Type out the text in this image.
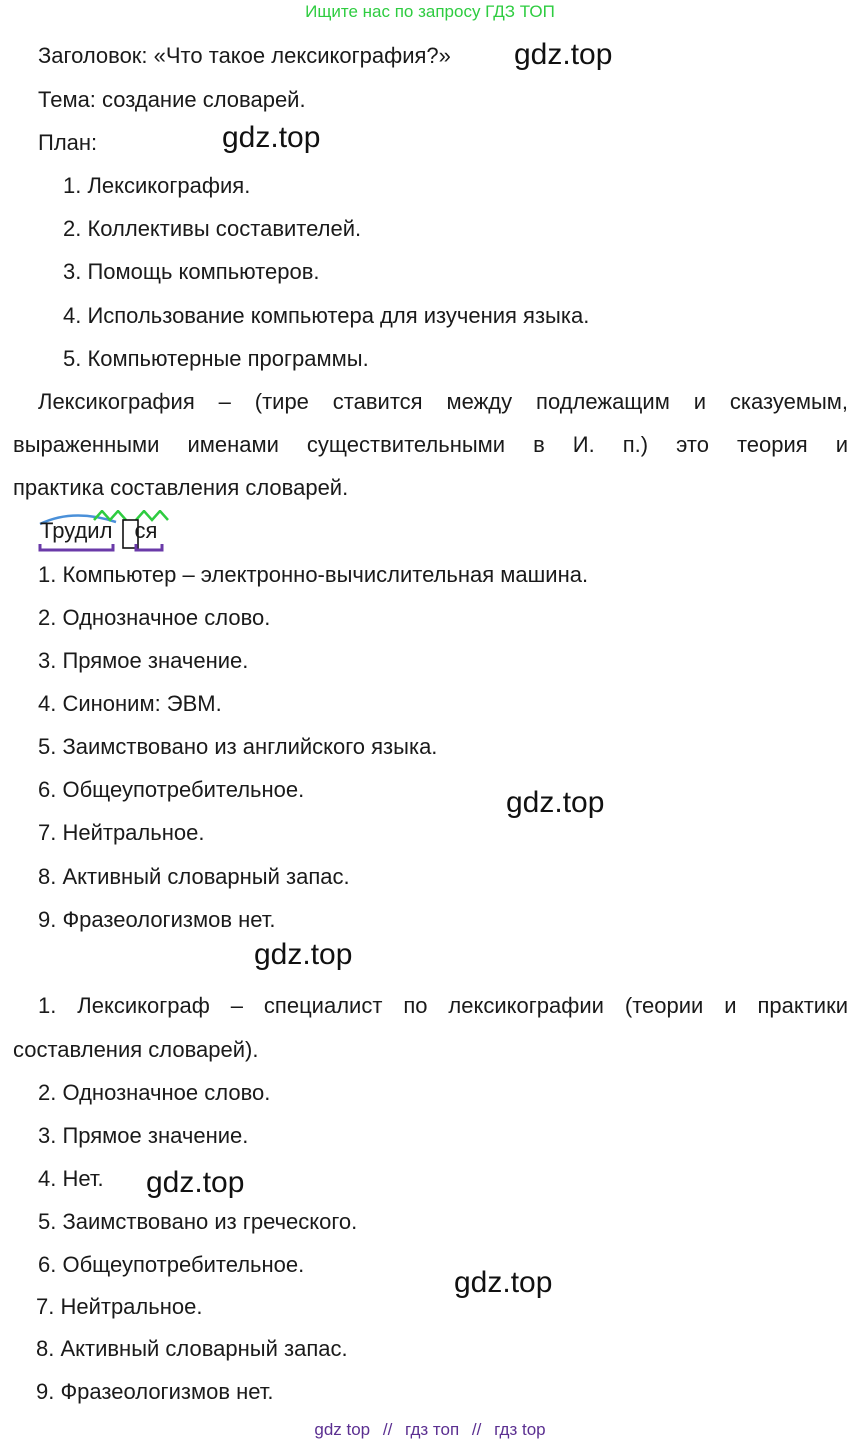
Ищите нас по запросу ГДЗ ТОП
Заголовок: «Что такое лексикография?» gdz.top
Тема: создание словарей.
План:	gdz.top
1. Лексикография.
2. Коллективы составителей.
3. Помощь компьютеров.
4. Использование компьютера для изучения языка.
5. Компьютерные программы.
Лексикография – (тире ставится между подлежащим и сказуемым,
выраженными именами существительными в И. п.) это теория и
практика составления словарей.
Трудил ся
1. Компьютер – электронно-вычислительная машина.
2. Однозначное слово.
3. Прямое значение.
4. Синоним: ЭВМ.
5. Заимствовано из английского языка.
6. Общеупотребительное.	gdz.top
7. Нейтральное.
8. Активный словарный запас.
9. Фразеологизмов нет.
gdz.top
1. Лексикограф – специалист по лексикографии (теории и практики
составления словарей).
2. Однозначное слово.
3. Прямое значение.
4. Нет. gdz.top
5. Заимствовано из греческого.
6. Общеупотребительное.
gdz.top
7. Нейтральное.
8. Активный словарный запас.
9. Фразеологизмов нет.
gdz top // гдз топ // гдз top
